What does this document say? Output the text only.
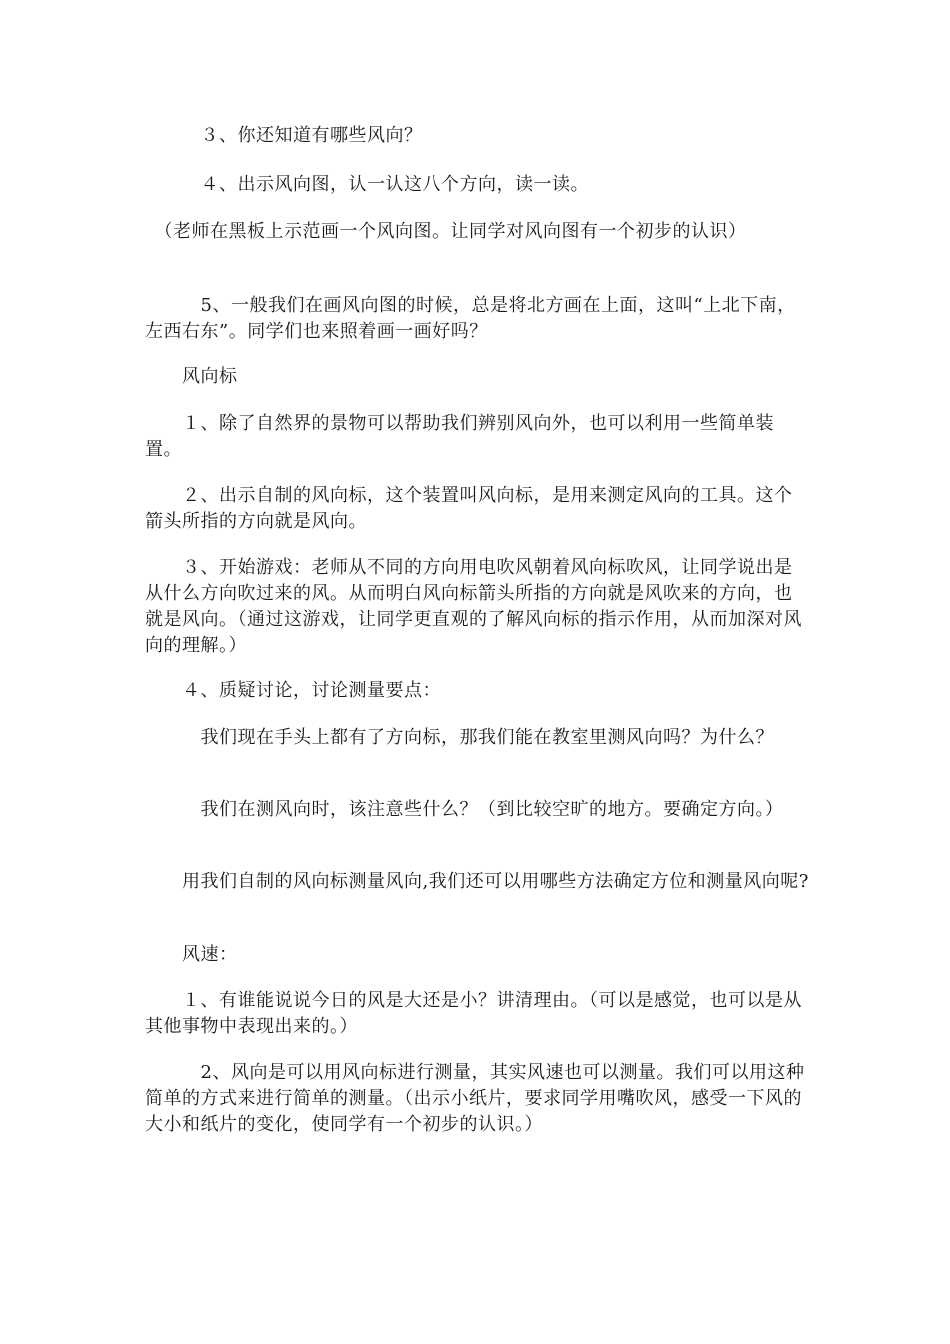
　　　３、你还知道有哪些风向？

　　　４、出示风向图，认一认这八个方向，读一读。

　（老师在黑板上示范画一个风向图。让同学对风向图有一个初步的认识）

　　　5、一般我们在画风向图的时候，总是将北方画在上面，这叫“上北下南，左西右东”。同学们也来照着画一画好吗？

　　风向标

　　１、除了自然界的景物可以帮助我们辨别风向外，也可以利用一些简单装置。

　　２、出示自制的风向标，这个装置叫风向标，是用来测定风向的工具。这个箭头所指的方向就是风向。

　　３、开始游戏：老师从不同的方向用电吹风朝着风向标吹风，让同学说出是从什么方向吹过来的风。从而明白风向标箭头所指的方向就是风吹来的方向，也就是风向。（通过这游戏，让同学更直观的了解风向标的指示作用，从而加深对风向的理解。）

　　４、质疑讨论，讨论测量要点：

　　　我们现在手头上都有了方向标，那我们能在教室里测风向吗？为什么？

　　　我们在测风向时，该注意些什么？（到比较空旷的地方。要确定方向。）

　　用我们自制的风向标测量风向,我们还可以用哪些方法确定方位和测量风向呢?

　　风速：

　　１、有谁能说说今日的风是大还是小？讲清理由。（可以是感觉，也可以是从其他事物中表现出来的。）

　　　2、风向是可以用风向标进行测量，其实风速也可以测量。我们可以用这种简单的方式来进行简单的测量。（出示小纸片，要求同学用嘴吹风，感受一下风的大小和纸片的变化，使同学有一个初步的认识。）
